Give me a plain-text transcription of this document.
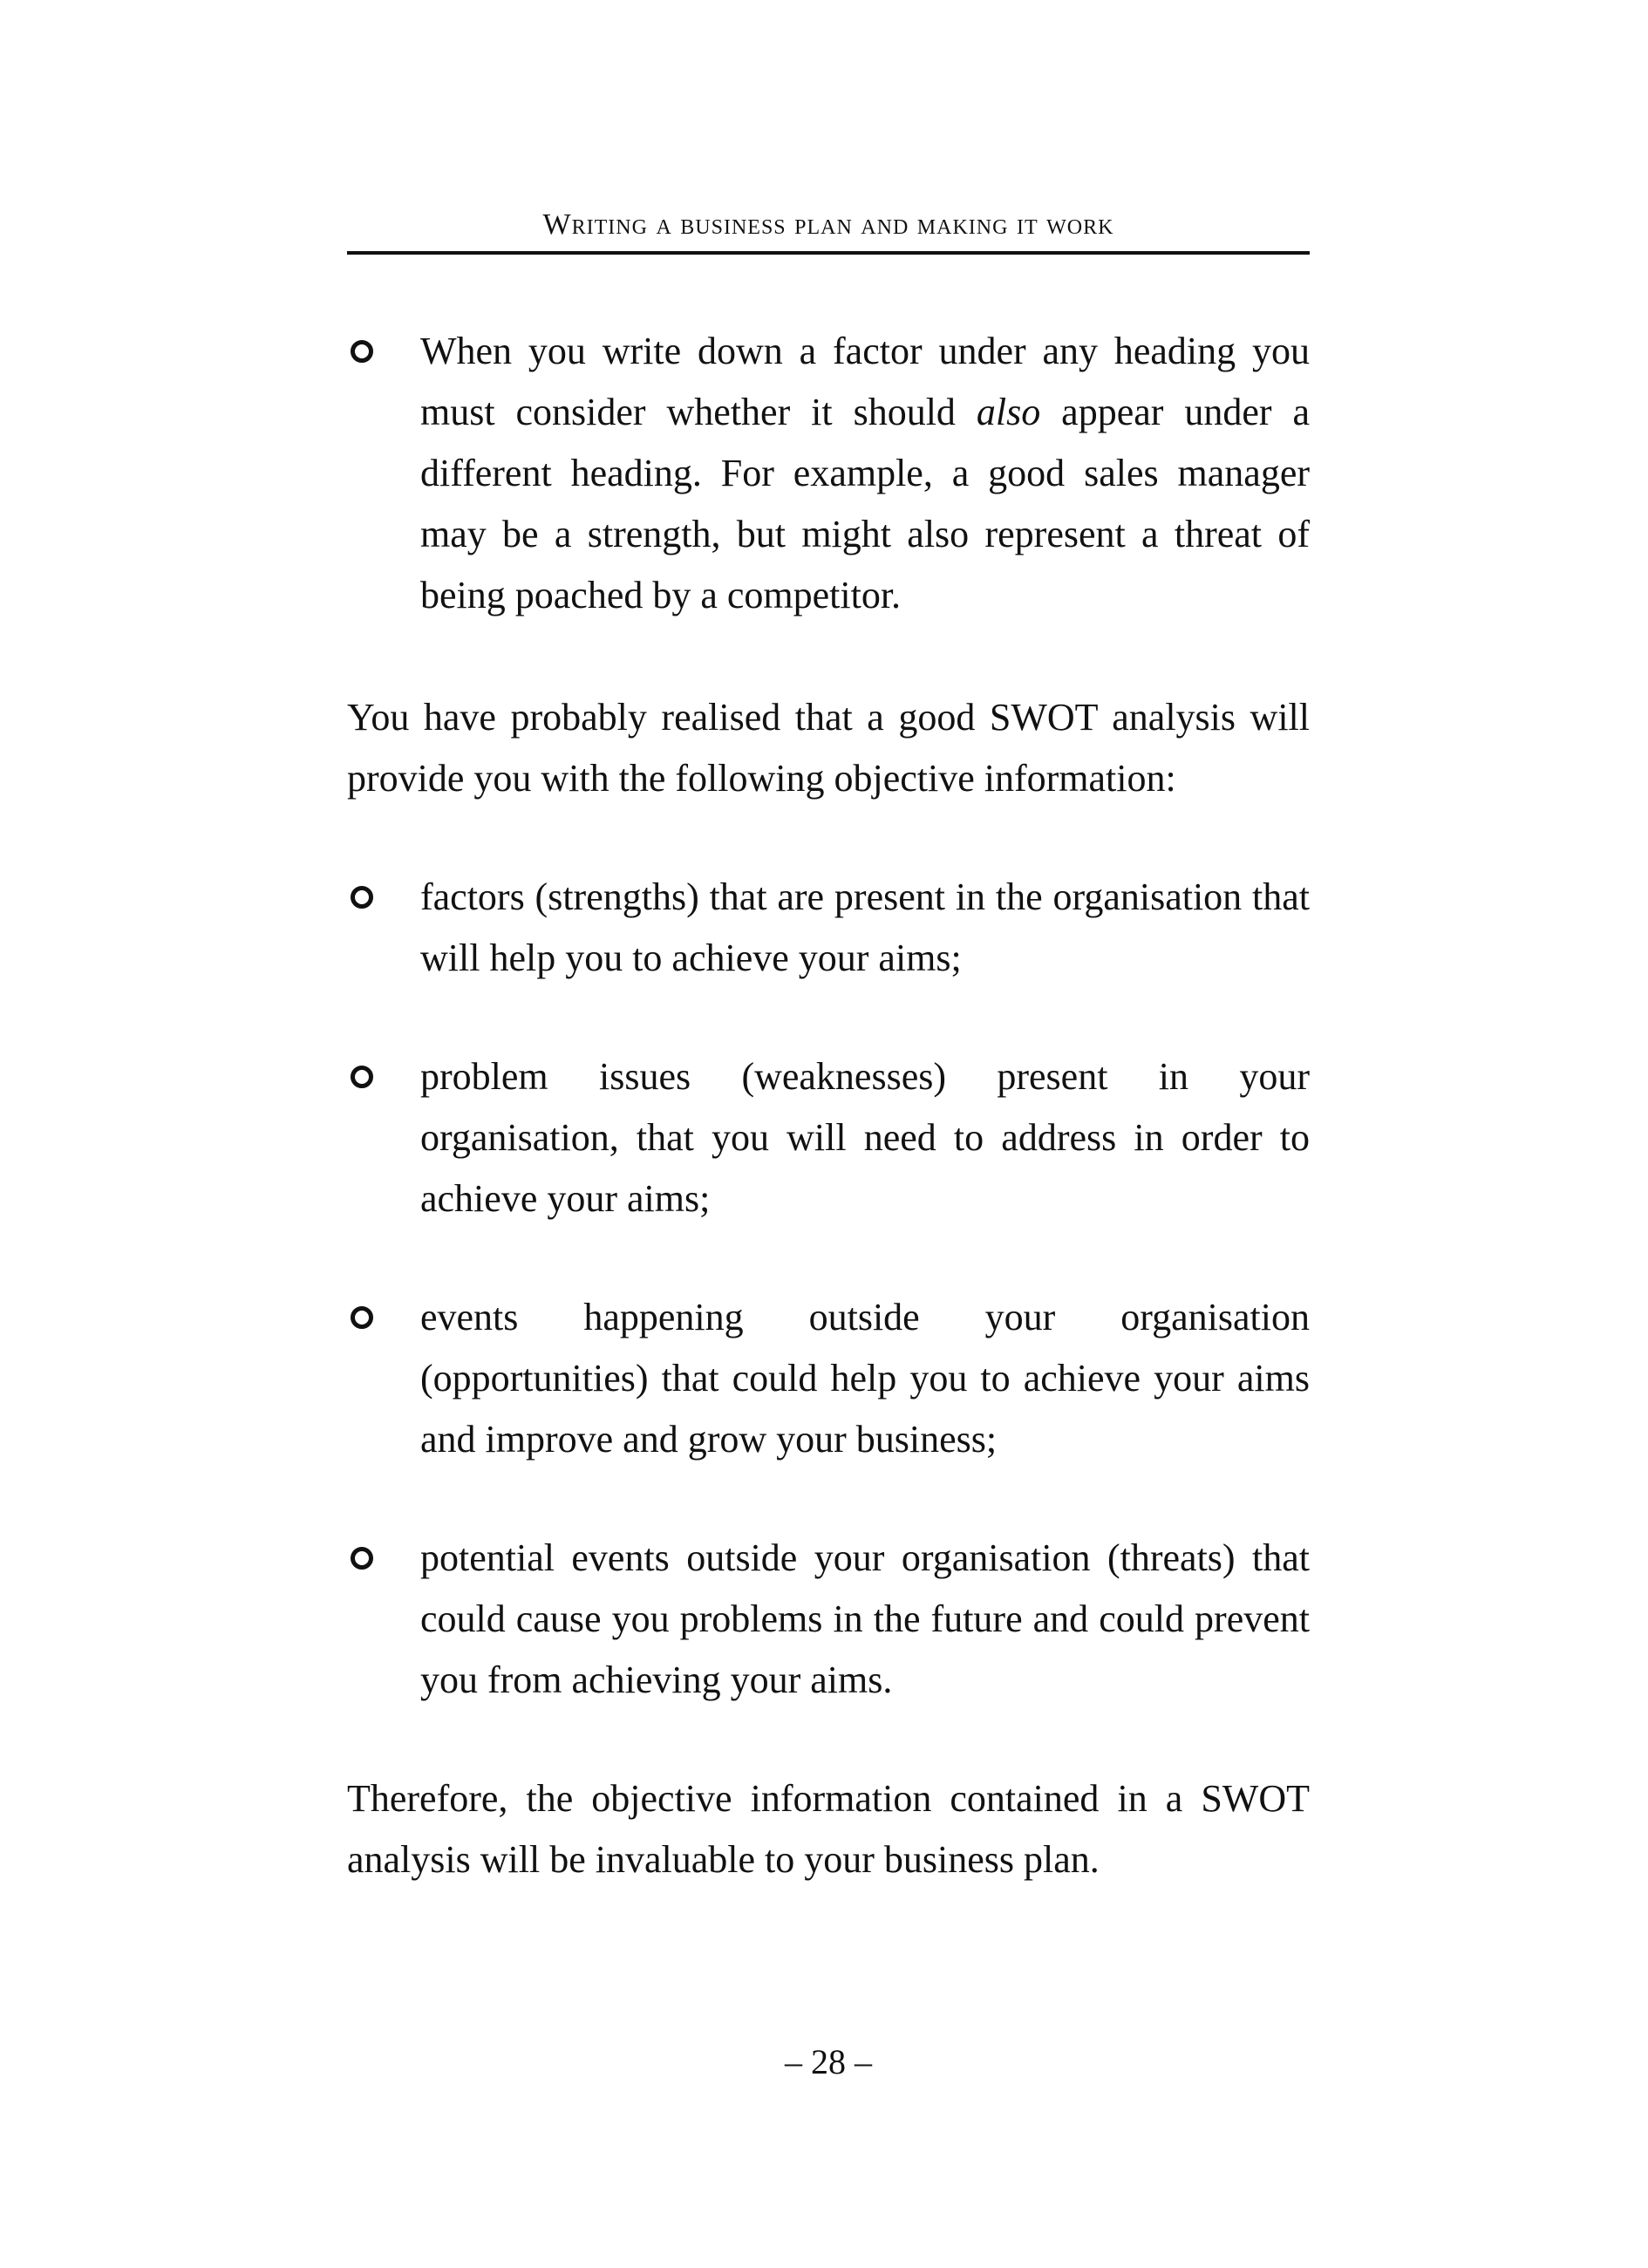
Writing a business plan and making it work

When you write down a factor under any heading you must consider whether it should also appear under a different heading. For example, a good sales manager may be a strength, but might also represent a threat of being poached by a competitor.

You have probably realised that a good SWOT analysis will provide you with the following objective information:

factors (strengths) that are present in the organisation that will help you to achieve your aims;

problem issues (weaknesses) present in your organisation, that you will need to address in order to achieve your aims;

events happening outside your organisation (opportunities) that could help you to achieve your aims and improve and grow your business;

potential events outside your organisation (threats) that could cause you problems in the future and could prevent you from achieving your aims.

Therefore, the objective information contained in a SWOT analysis will be invaluable to your business plan.

– 28 –
